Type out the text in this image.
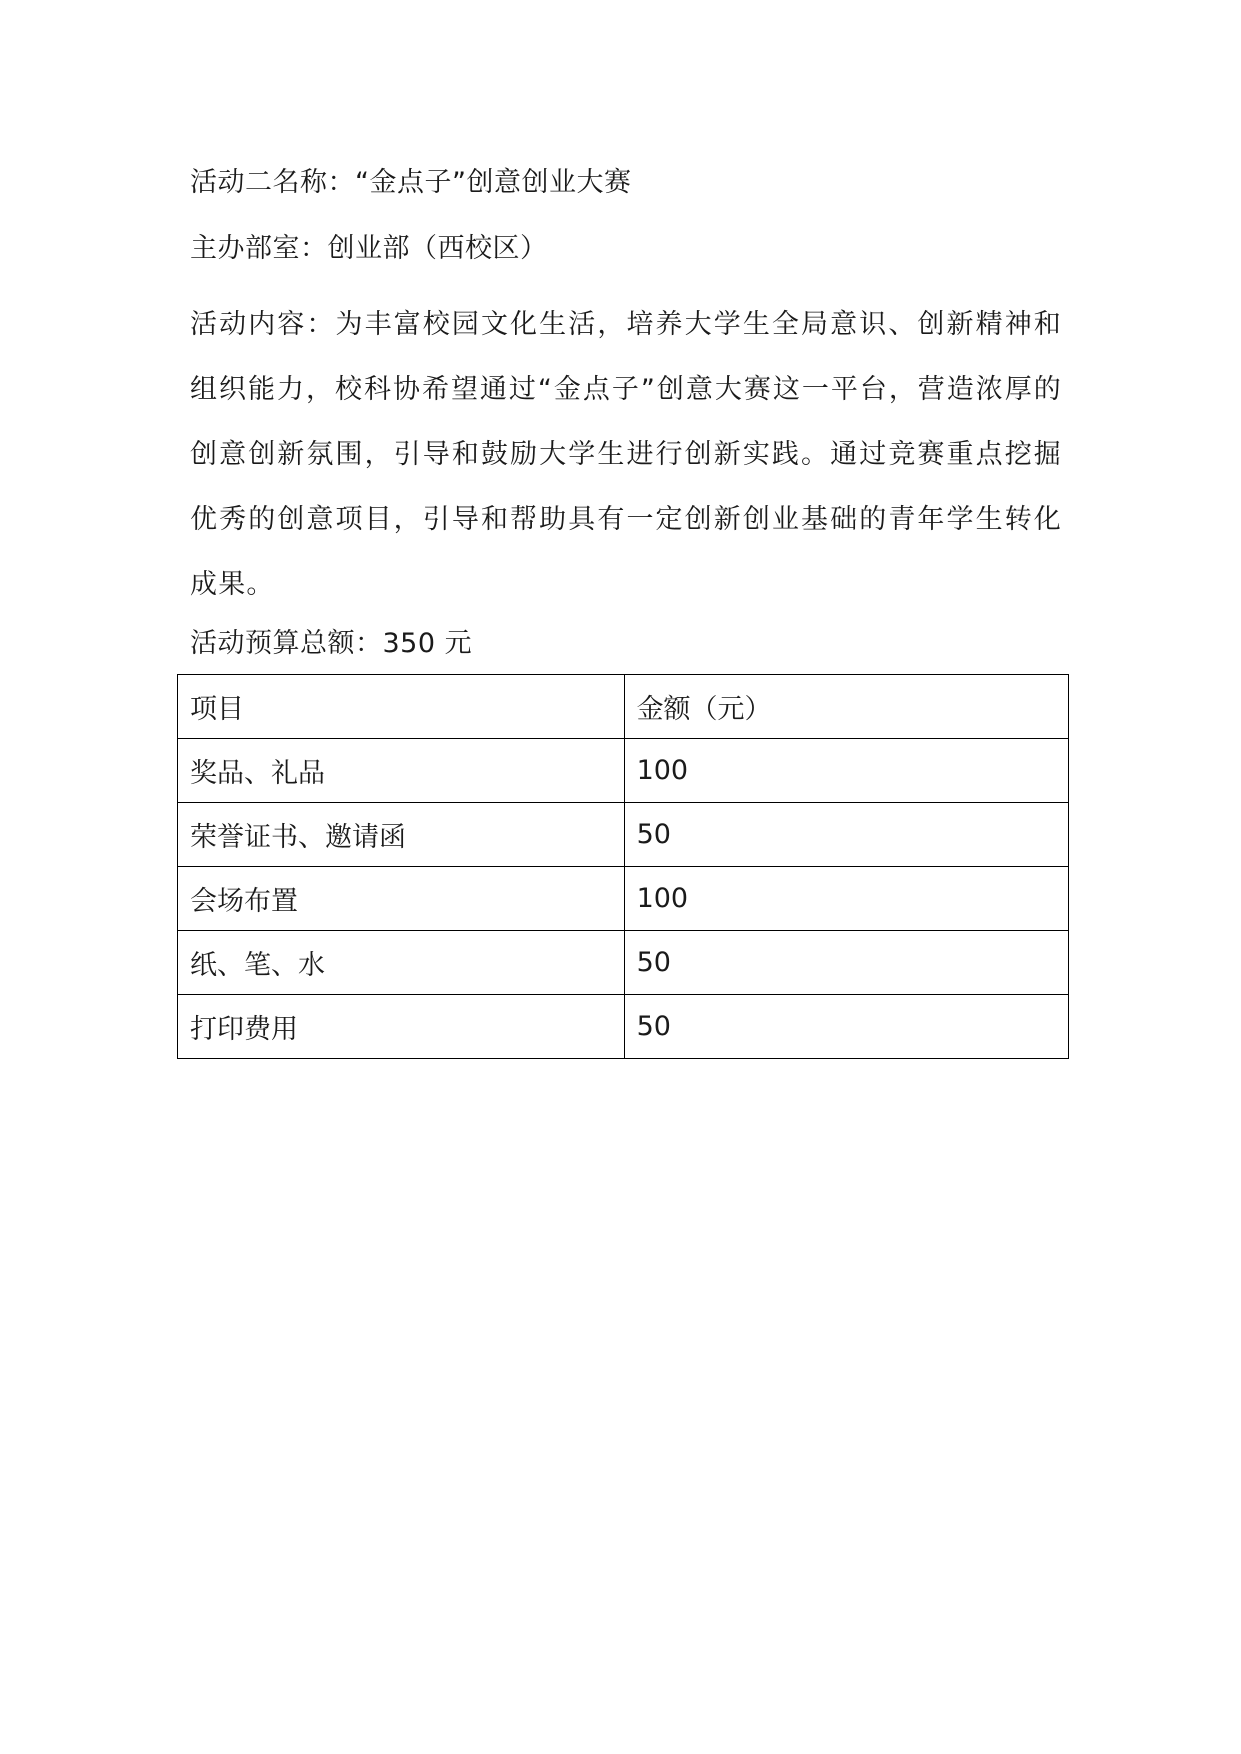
活动二名称：“金点子”创意创业大赛
主办部室：创业部（西校区）
活动内容：为丰富校园文化生活，培养大学生全局意识、创新精神和组织能力，校科协希望通过“金点子”创意大赛这一平台，营造浓厚的创意创新氛围，引导和鼓励大学生进行创新实践。通过竞赛重点挖掘优秀的创意项目，引导和帮助具有一定创新创业基础的青年学生转化成果。
活动预算总额：350 元
项目	金额（元）
奖品、礼品	100
荣誉证书、邀请函	50
会场布置	100
纸、笔、水	50
打印费用	50
